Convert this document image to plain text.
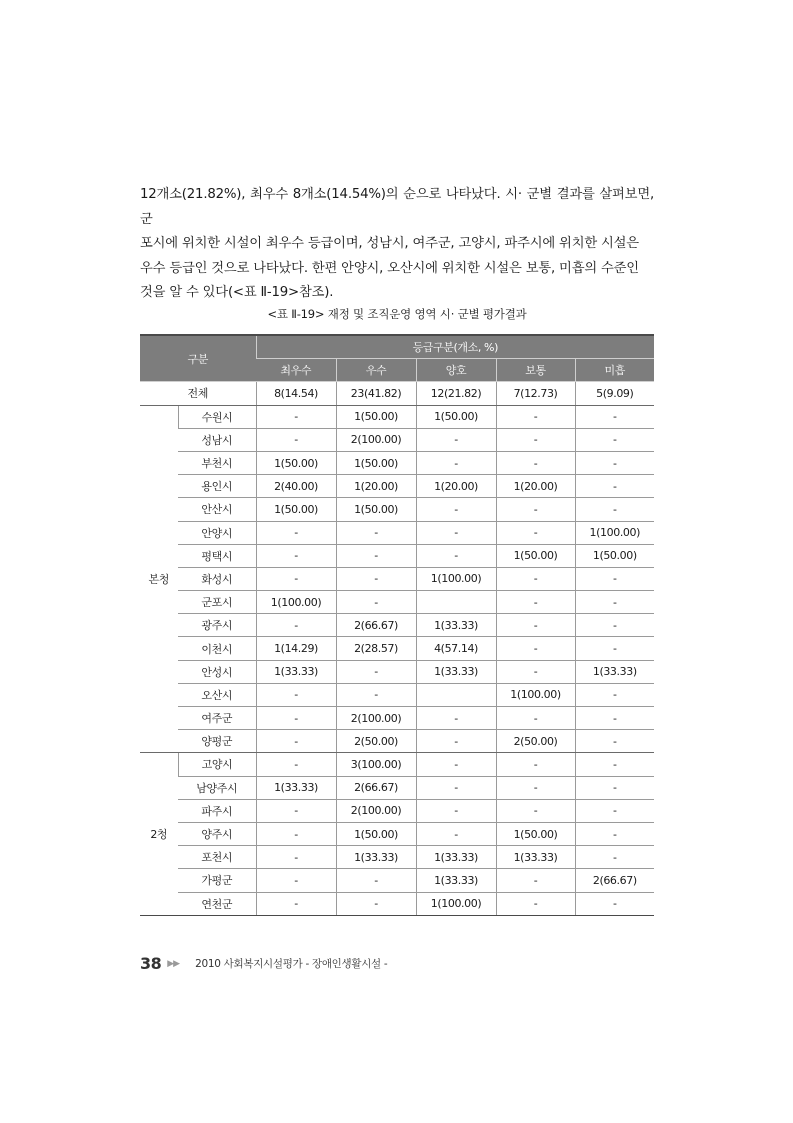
12개소(21.82%), 최우수 8개소(14.54%)의 순으로 나타났다. 시· 군별 결과를 살펴보면, 군
포시에 위치한 시설이 최우수 등급이며, 성남시, 여주군, 고양시, 파주시에 위치한 시설은
우수 등급인 것으로 나타났다. 한편 안양시, 오산시에 위치한 시설은 보통, 미흡의 수준인
것을 알 수 있다(<표 Ⅱ-19>참조).
<표 Ⅱ-19> 재정 및 조직운영 영역 시· 군별 평가결과
구분		등급구분(개소, %)				
		최우수	우수	양호	보통	미흡
전체		8(14.54)	23(41.82)	12(21.82)	7(12.73)	5(9.09)
본청	수원시	-	1(50.00)	1(50.00)	-	-
	성남시	-	2(100.00)	-	-	-
	부천시	1(50.00)	1(50.00)	-	-	-
	용인시	2(40.00)	1(20.00)	1(20.00)	1(20.00)	-
	안산시	1(50.00)	1(50.00)	-	-	-
	안양시	-	-	-	-	1(100.00)
	평택시	-	-	-	1(50.00)	1(50.00)
	화성시	-	-	1(100.00)	-	-
	군포시	1(100.00)	-		-	-
	광주시	-	2(66.67)	1(33.33)	-	-
	이천시	1(14.29)	2(28.57)	4(57.14)	-	-
	안성시	1(33.33)	-	1(33.33)	-	1(33.33)
	오산시	-	-		1(100.00)	-
	여주군	-	2(100.00)	-	-	-
	양평군	-	2(50.00)	-	2(50.00)	-
2청	고양시	-	3(100.00)	-	-	-
	남양주시	1(33.33)	2(66.67)	-	-	-
	파주시	-	2(100.00)	-	-	-
	양주시	-	1(50.00)	-	1(50.00)	-
	포천시	-	1(33.33)	1(33.33)	1(33.33)	-
	가평군	-	-	1(33.33)	-	2(66.67)
	연천군	-	-	1(100.00)	-	-
38 ▶▶ 2010 사회복지시설평가 - 장애인생활시설 -
